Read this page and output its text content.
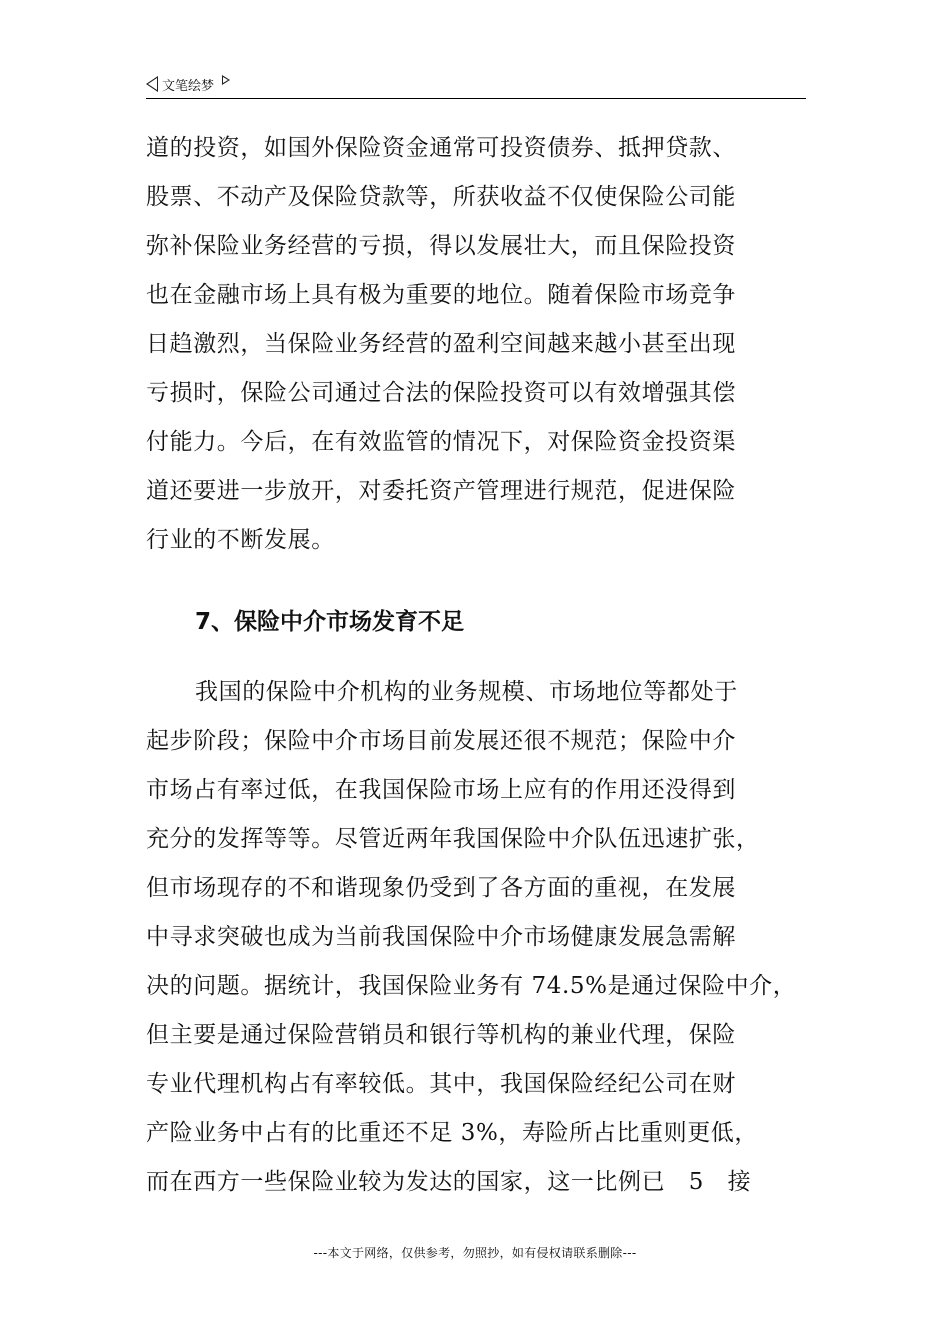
文笔绘梦
道的投资，如国外保险资金通常可投资债券、抵押贷款、
股票、不动产及保险贷款等，所获收益不仅使保险公司能
弥补保险业务经营的亏损，得以发展壮大，而且保险投资
也在金融市场上具有极为重要的地位。随着保险市场竞争
日趋激烈，当保险业务经营的盈利空间越来越小甚至出现
亏损时，保险公司通过合法的保险投资可以有效增强其偿
付能力。今后，在有效监管的情况下，对保险资金投资渠
道还要进一步放开，对委托资产管理进行规范，促进保险
行业的不断发展。
7、保险中介市场发育不足
我国的保险中介机构的业务规模、市场地位等都处于
起步阶段；保险中介市场目前发展还很不规范；保险中介
市场占有率过低，在我国保险市场上应有的作用还没得到
充分的发挥等等。尽管近两年我国保险中介队伍迅速扩张，
但市场现存的不和谐现象仍受到了各方面的重视，在发展
中寻求突破也成为当前我国保险中介市场健康发展急需解
决的问题。据统计，我国保险业务有 74.5%是通过保险中介，
但主要是通过保险营销员和银行等机构的兼业代理，保险
专业代理机构占有率较低。其中，我国保险经纪公司在财
产险业务中占有的比重还不足 3%，寿险所占比重则更低，
而在西方一些保险业较为发达的国家，这一比例已　5　接
---本文于网络，仅供参考，勿照抄，如有侵权请联系删除---
